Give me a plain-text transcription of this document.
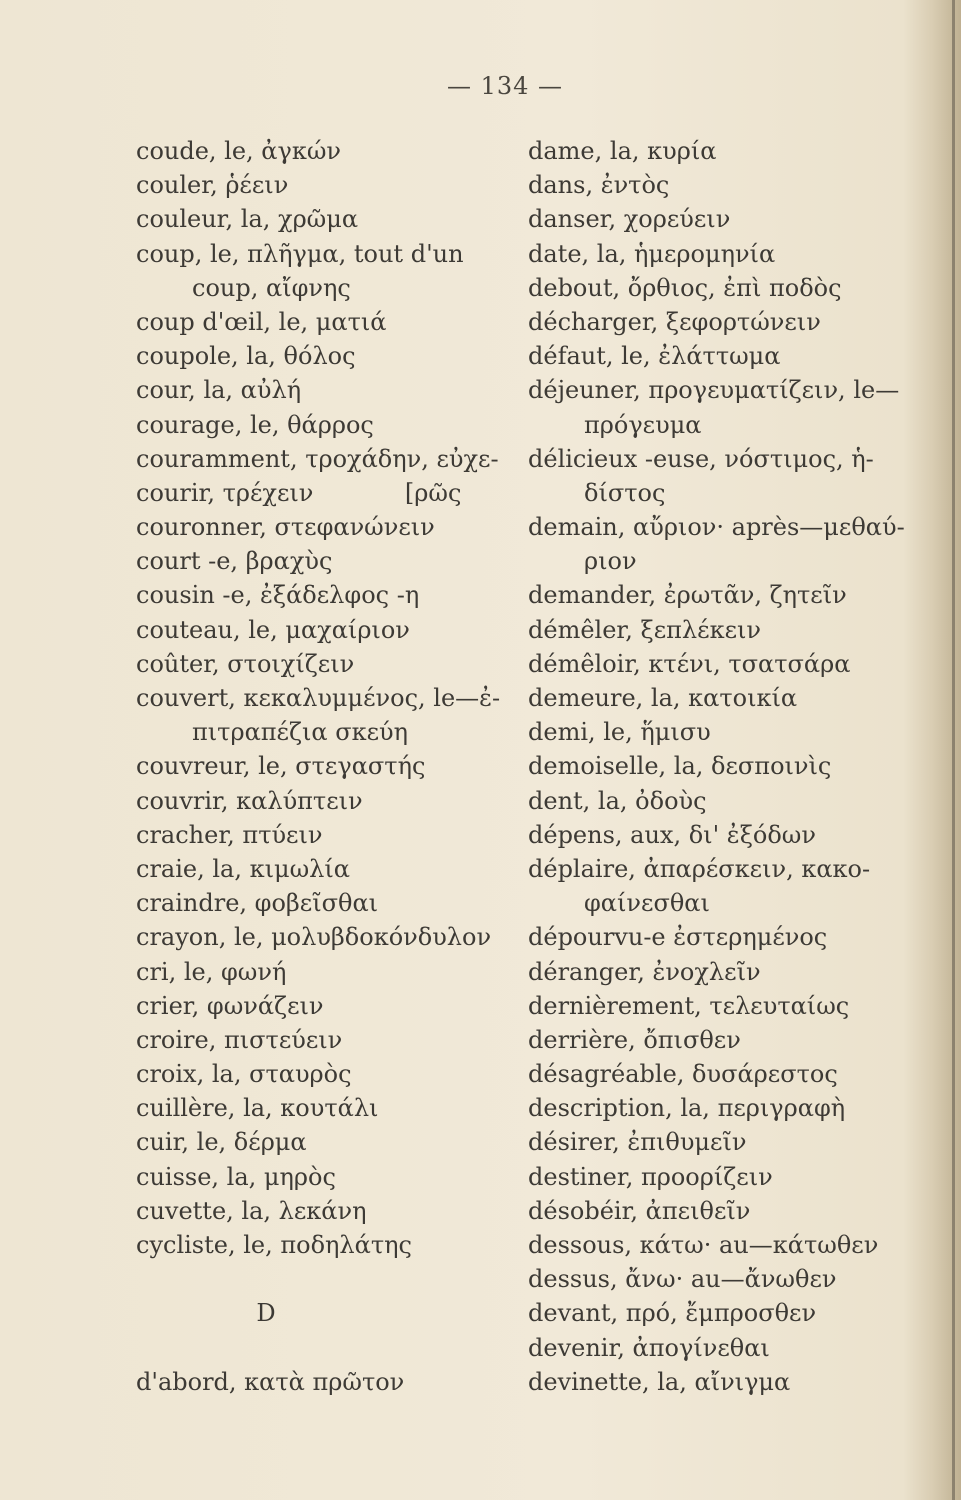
— 134 —
coude, le, ἀγκών
couler, ῥέειν
couleur, la, χρῶμα
coup, le, πλῆγμα, tout d'un
coup, αἴφνης
coup d'œil, le, ματιά
coupole, la, θόλος
cour, la, αὐλή
courage, le, θάρρος
couramment, τροχάδην, εὐχε-
courir, τρέχειν            [ρῶς
couronner, στεφανώνειν
court -e, βραχὺς
cousin -e, ἐξάδελφος -η
couteau, le, μαχαίριον
coûter, στοιχίζειν
couvert, κεκαλυμμένος, le—ἐ-
πιτραπέζια σκεύη
couvreur, le, στεγαστής
couvrir, καλύπτειν
cracher, πτύειν
craie, la, κιμωλία
craindre, φοβεῖσθαι
crayon, le, μολυβδοκόνδυλον
cri, le, φωνή
crier, φωνάζειν
croire, πιστεύειν
croix, la, σταυρὸς
cuillère, la, κουτάλι
cuir, le, δέρμα
cuisse, la, μηρὸς
cuvette, la, λεκάνη
cycliste, le, ποδηλάτης
D
d'abord, κατὰ πρῶτον
dame, la, κυρία
dans, ἐντὸς
danser, χορεύειν
date, la, ἡμερομηνία
debout, ὄρθιος, ἐπὶ ποδὸς
décharger, ξεφορτώνειν
défaut, le, ἐλάττωμα
déjeuner, προγευματίζειν, le—
πρόγευμα
délicieux -euse, νόστιμος, ἡ-
δίστος
demain, αὔριον· après—μεθαύ-
ριον
demander, ἐρωτᾶν, ζητεῖν
démêler, ξεπλέκειν
démêloir, κτένι, τσατσάρα
demeure, la, κατοικία
demi, le, ἥμισυ
demoiselle, la, δεσποινὶς
dent, la, ὀδοὺς
dépens, aux, δι' ἐξόδων
déplaire, ἀπαρέσκειν, κακο-
φαίνεσθαι
dépourvu-e ἐστερημένος
déranger, ἐνοχλεῖν
dernièrement, τελευταίως
derrière, ὄπισθεν
désagréable, δυσάρεστος
description, la, περιγραφὴ
désirer, ἐπιθυμεῖν
destiner, προορίζειν
désobéir, ἀπειθεῖν
dessous, κάτω· au—κάτωθεν
dessus, ἄνω· au—ἄνωθεν
devant, πρό, ἔμπροσθεν
devenir, ἀπογίνεθαι
devinette, la, αἴνιγμα
